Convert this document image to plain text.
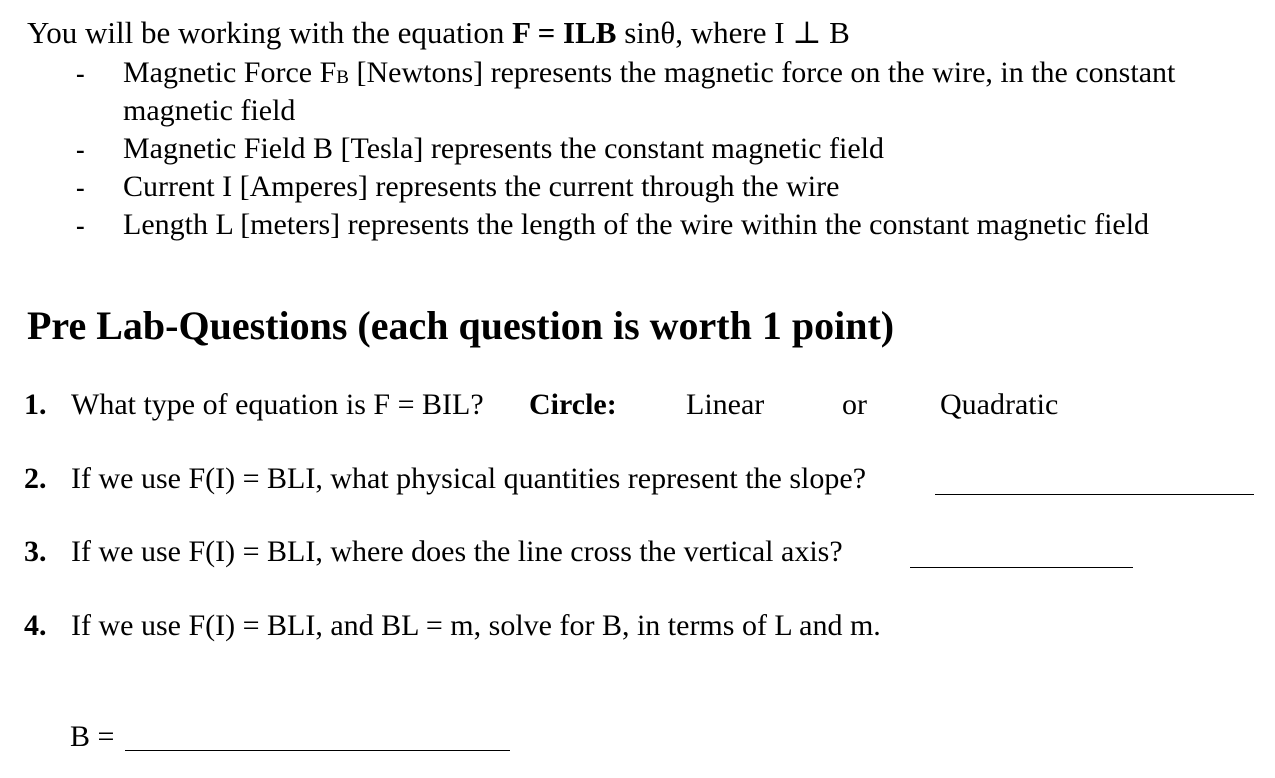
You will be working with the equation F = ILB sinθ, where I ⊥ B
- Magnetic Force FB [Newtons] represents the magnetic force on the wire, in the constant
magnetic field
- Magnetic Field B [Tesla] represents the constant magnetic field
- Current I [Amperes] represents the current through the wire
- Length L [meters] represents the length of the wire within the constant magnetic field
Pre Lab-Questions (each question is worth 1 point)
1. What type of equation is F = BIL? Circle: Linear	or Quadratic
2. If we use F(I) = BLI, what physical quantities represent the slope?
3. If we use F(I) = BLI, where does the line cross the vertical axis?
4. If we use F(I) = BLI, and BL = m, solve for B, in terms of L and m.
B =
